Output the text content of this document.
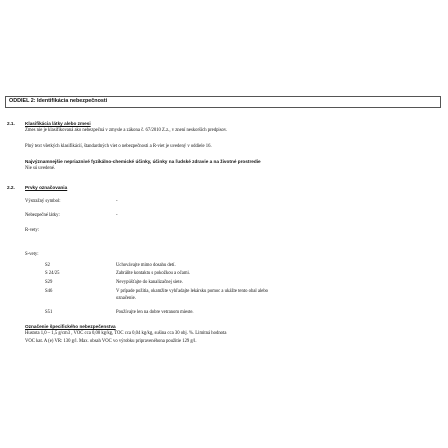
ODDIEL 2: Identifikácia nebezpečnosti
2.1. Klasifikácia látky alebo zmesi
Zmes nie je klasifikovaná ako nebezpečná v zmysle a zákona č. 67/2010 Z.z., v znení neskorších predpisov.
Plný text všetkých klasifikácií, štandardných viet o nebezpečnosti a R-viet je uvedený v oddiele 16.
Najvýznamnejšie nepriaznivé fyzikálno-chemické účinky, účinky na ľudské zdravie a na životné prostredie
Nie sú uvedené.
2.2. Prvky označovania
Výstražný symbol:	-
Nebezpečné látky:	-
R-vety:
S-vety:
S2	Uchovávajte mimo dosahu detí.
S 24/25	Zabráňte kontaktu s pokožkou a očami.
S29	Nevypúšťajte do kanalizačnej siete.
S46	V prípade požitia, okamžite vyhľadajte lekársku pomoc a ukážte tento obal alebo
označenie.
S51	Používajte len na dobre vetranom mieste.
Označenie špecifického nebezpečenstva
Hustota 1,0 – 1,5 g/cm3 , VOC cca 0,08 kg/kg, TOC cca 0,04 kg/kg, sušina cca 30 obj. %. Limitná hodnota
VOC kat. A (e) VR: 130 g/l. Max. obsah VOC vo výrobku pripravenéhona použitie 129 g/l.
